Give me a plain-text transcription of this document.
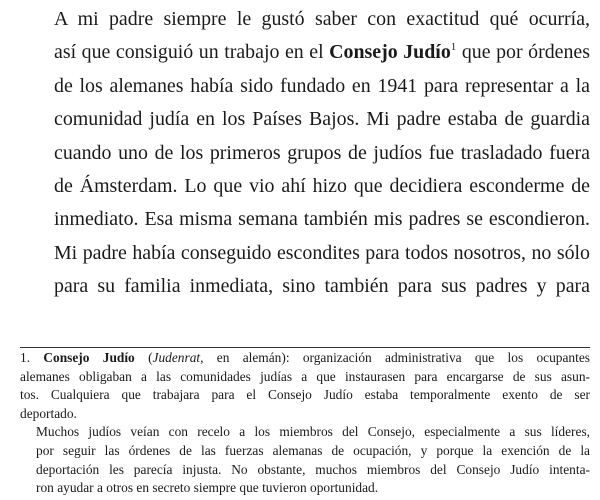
A mi padre siempre le gustó saber con exactitud qué ocurría,
así que consiguió un trabajo en el Consejo Judío$^1$ que por órdenes
de los alemanes había sido fundado en 1941 para representar a la
comunidad judía en los Países Bajos. Mi padre estaba de guardia
cuando uno de los primeros grupos de judíos fue trasladado fuera
de Ámsterdam. Lo que vio ahí hizo que decidiera esconderme de
inmediato. Esa misma semana también mis padres se escondieron.
Mi padre había conseguido escondites para todos nosotros, no sólo
para su familia inmediata, sino también para sus padres y para

1. Consejo Judío (Judenrat, en alemán): organización administrativa que los ocupantes
alemanes obligaban a las comunidades judías a que instaurasen para encargarse de sus asun-
tos. Cualquiera que trabajara para el Consejo Judío estaba temporalmente exento de ser
deportado.

Muchos judíos veían con recelo a los miembros del Consejo, especialmente a sus líderes,
por seguir las órdenes de las fuerzas alemanas de ocupación, y porque la exención de la
deportación les parecía injusta. No obstante, muchos miembros del Consejo Judío intenta-
ron ayudar a otros en secreto siempre que tuvieron oportunidad.
